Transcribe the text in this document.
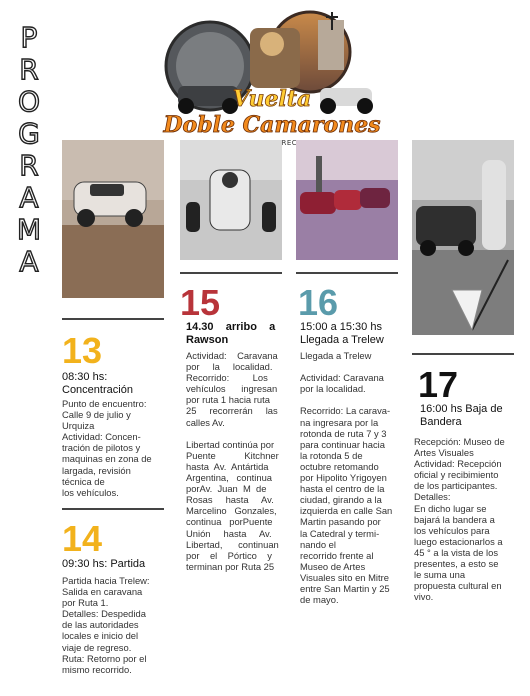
P
R
O
G
R
A
M
A
Vuelta
Doble Camarones
13
08:30 hs:
Concentración
Punto de encuentro:
Calle 9 de julio y
Urquiza
Actividad: Concen-
tración de pilotos y
maquinas en zona de
largada, revisión
técnica de
los vehículos.
14
09:30 hs: Partida
Partida hacia Trelew:
Salida en caravana
por Ruta 1.
Detalles: Despedida
de las autoridades
locales e inicio del
viaje de regreso.
Ruta: Retorno por el
mismo recorrido.
15
14.30    arribo    a
Rawson
Actividad:    Caravana
por     la     localidad.
Recorrido:         Los
vehículos      ingresan
por ruta 1 hacia ruta
25     recorrerán     las
calles Av.

Libertad continúa por
Puente           Kitchner
hasta  Av.  Antártida
Argentina,   continua
porAv.  Juan  M  de
Rosas     hasta     Av.
Marcelino   Gonzales,
continua   porPuente
Unión     hasta     Av.
Libertad,      continuan
por    el    Pórtico    y
terminan por Ruta 25
16
15:00 a 15:30 hs
Llegada a Trelew
Llegada a Trelew

Actividad: Caravana
por la localidad.

Recorrido: La carava-
na ingresara por la
rotonda de ruta 7 y 3
para continuar hacia
la rotonda 5 de
octubre retomando
por Hipolito Yrigoyen
hasta el centro de la
ciudad, girando a la
izquierda en calle San
Martin pasando por
la Catedral y termi-
nando el
recorrido frente al
Museo de Artes
Visuales sito en Mitre
entre San Martin y 25
de mayo.
17
16:00 hs Baja de
Bandera
Recepción: Museo de
Artes Visuales
Actividad: Recepción
oficial y recibimiento
de los participantes.
Detalles:
En dicho lugar se
bajará la bandera a
los vehículos para
luego estacionarlos a
45 ° a la vista de los
presentes, a esto se
le suma una
propuesta cultural en
vivo.
